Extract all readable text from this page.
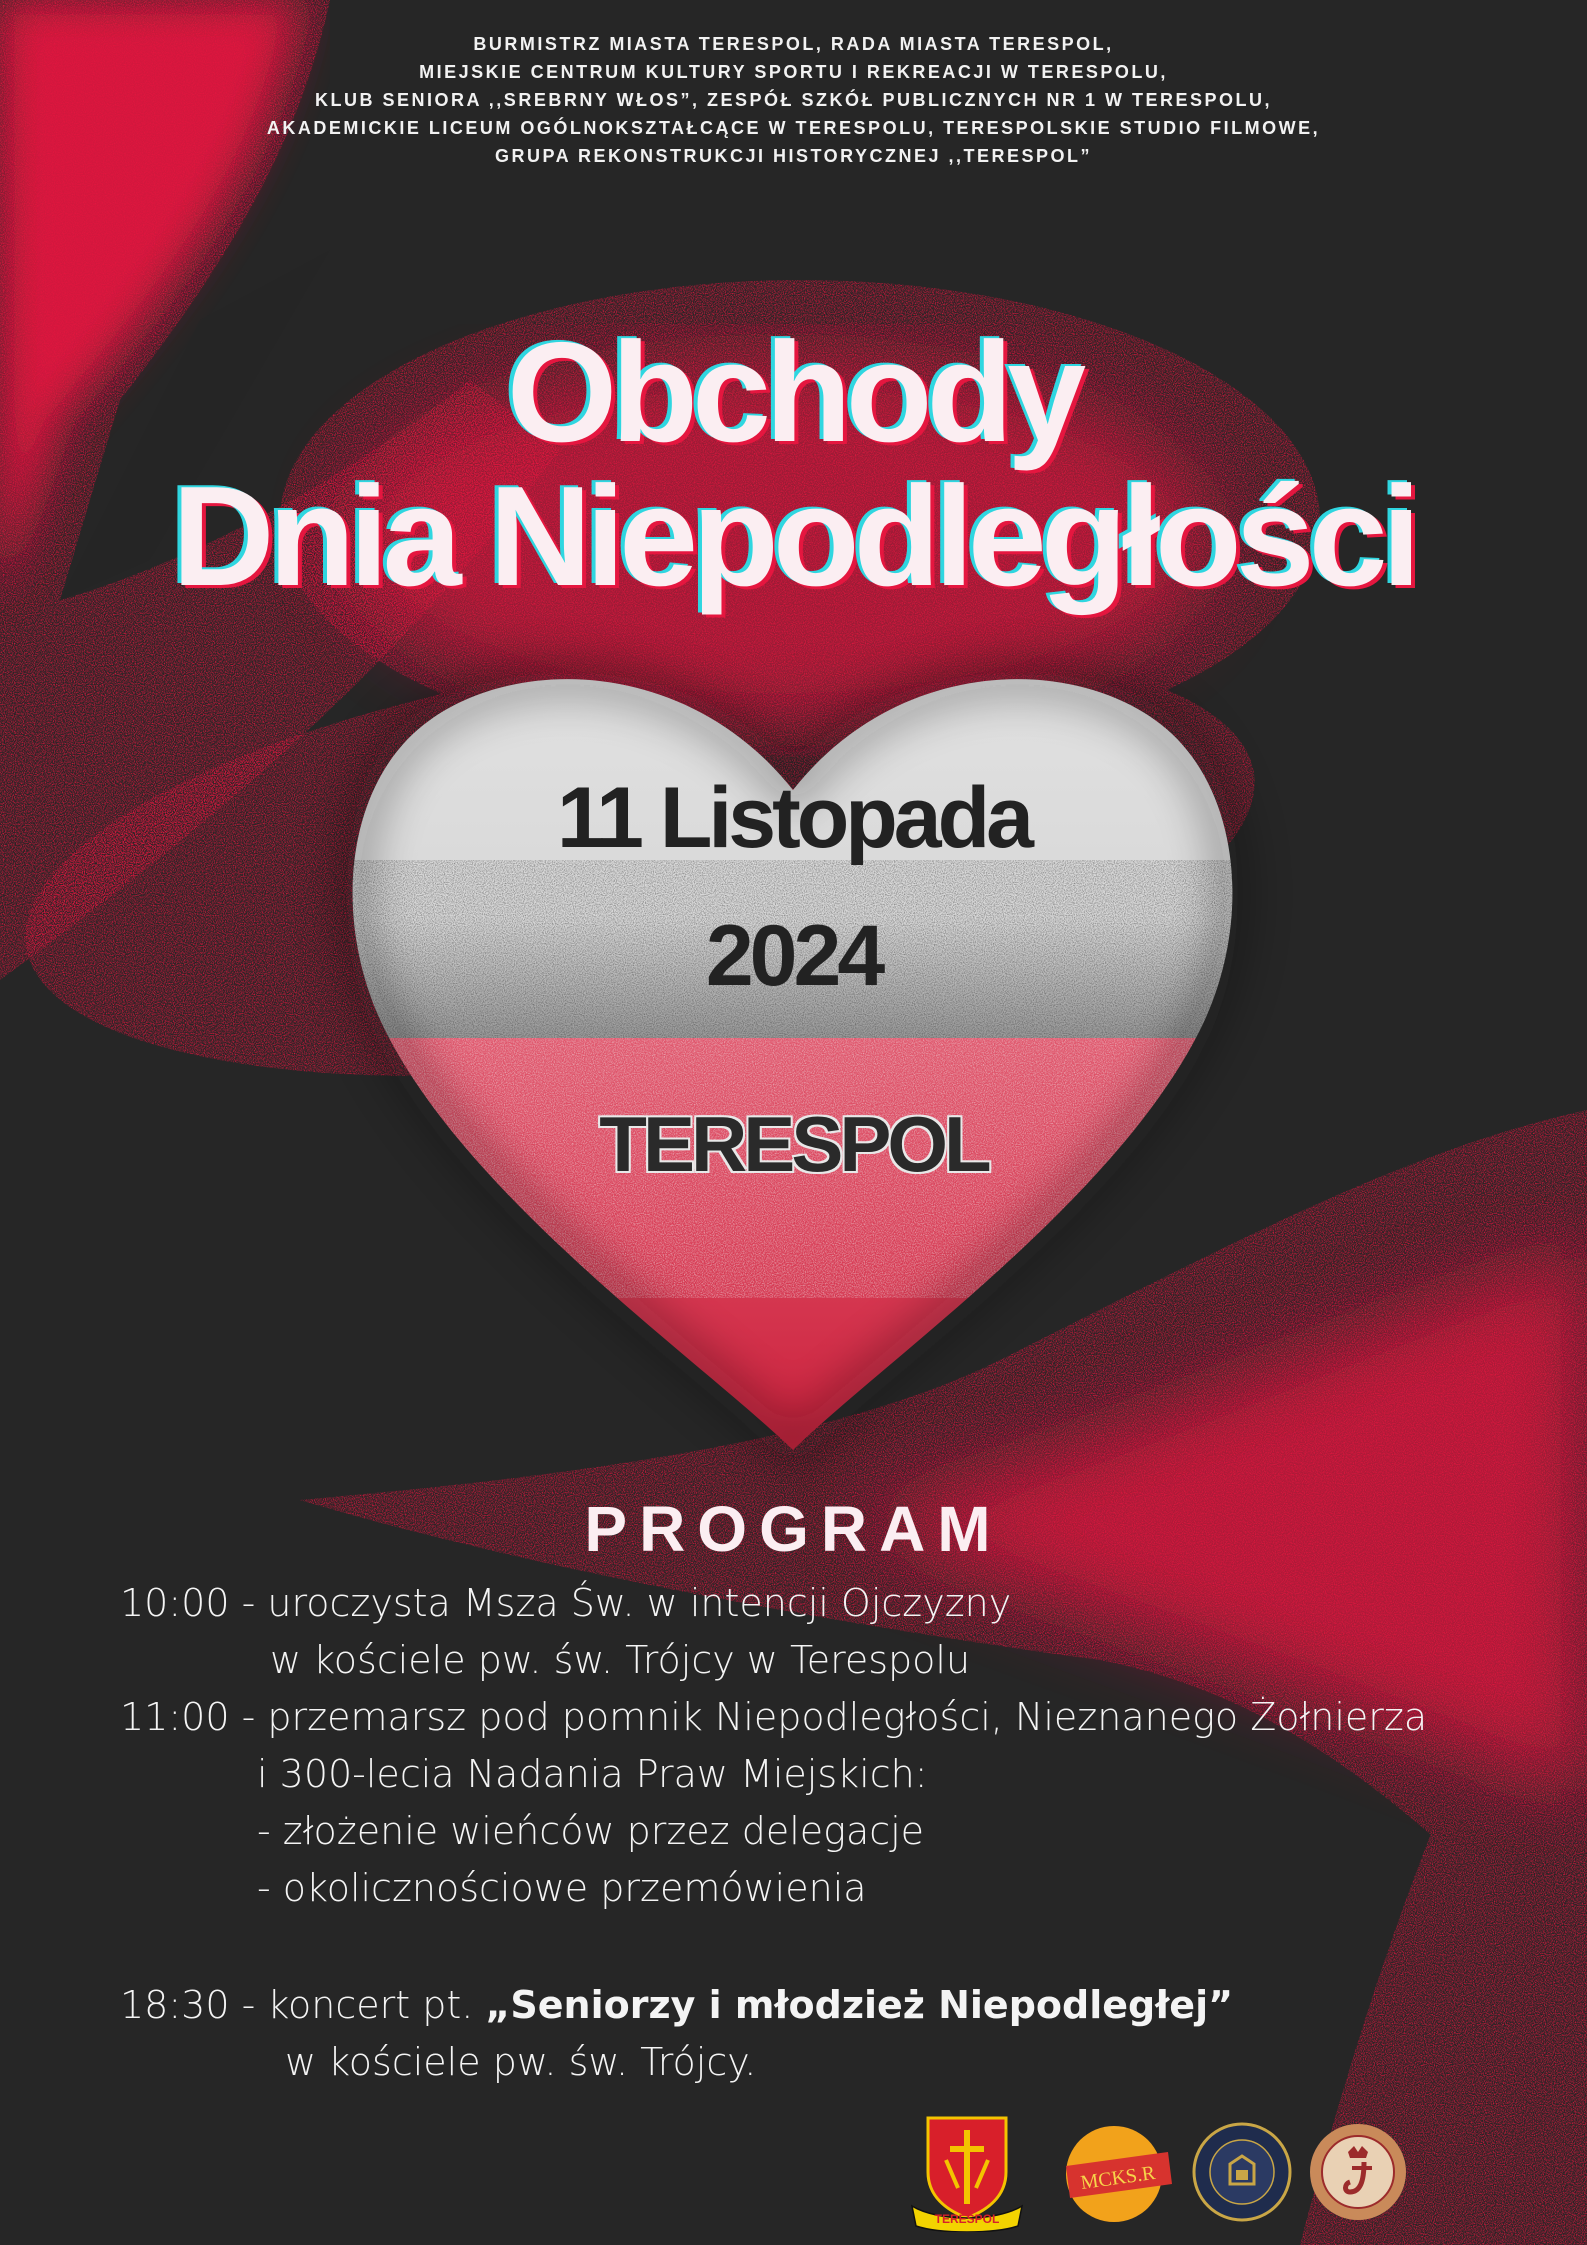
BURMISTRZ MIASTA TERESPOL, RADA MIASTA TERESPOL,
MIEJSKIE CENTRUM KULTURY SPORTU I REKREACJI W TERESPOLU,
KLUB SENIORA ,,SREBRNY WŁOS”, ZESPÓŁ SZKÓŁ PUBLICZNYCH NR 1 W TERESPOLU,
AKADEMICKIE LICEUM OGÓLNOKSZTAŁCĄCE W TERESPOLU, TERESPOLSKIE STUDIO FILMOWE,
GRUPA REKONSTRUKCJI HISTORYCZNEJ ,,TERESPOL”
Obchody
Dnia Niepodległości
11 Listopada
2024
TERESPOL
PROGRAM
10:00 - uroczysta Msza Św. w intencji Ojczyzny
w kościele pw. św. Trójcy w Terespolu
11:00 - przemarsz pod pomnik Niepodległości, Nieznanego Żołnierza
i 300-lecia Nadania Praw Miejskich:
- złożenie wieńców przez delegacje
- okolicznościowe przemówienia
18:30 - koncert pt. „Seniorzy i młodzież Niepodległej”
w kościele pw. św. Trójcy.
TERESPOL
MCKS.R
